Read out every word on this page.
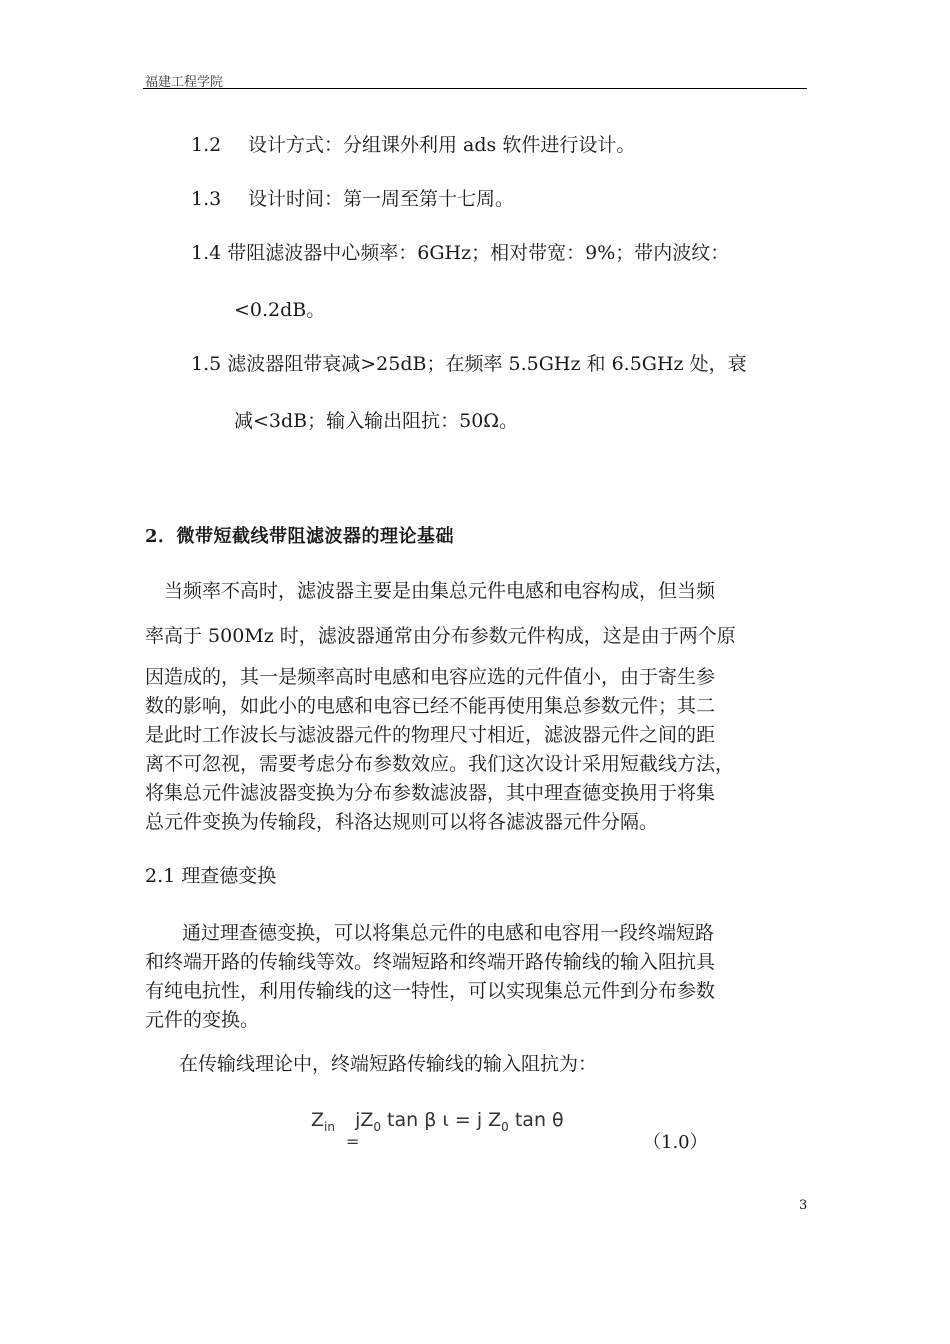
福建工程学院
1.2 设计方式：分组课外利用 ads 软件进行设计。
1.3 设计时间：第一周至第十七周。
1.4 带阻滤波器中心频率：6GHz；相对带宽：9%；带内波纹：
<0.2dB。
1.5 滤波器阻带衰减>25dB；在频率 5.5GHz 和 6.5GHz 处，衰
减<3dB；输入输出阻抗：50Ω。
2．微带短截线带阻滤波器的理论基础
当频率不高时，滤波器主要是由集总元件电感和电容构成，但当频
率高于 500Mz 时，滤波器通常由分布参数元件构成，这是由于两个原
因造成的，其一是频率高时电感和电容应选的元件值小，由于寄生参
数的影响，如此小的电感和电容已经不能再使用集总参数元件；其二
是此时工作波长与滤波器元件的物理尺寸相近，滤波器元件之间的距
离不可忽视，需要考虑分布参数效应。我们这次设计采用短截线方法，
将集总元件滤波器变换为分布参数滤波器，其中理查德变换用于将集
总元件变换为传输段，科洛达规则可以将各滤波器元件分隔。
2.1 理查德变换
通过理查德变换，可以将集总元件的电感和电容用一段终端短路
和终端开路的传输线等效。终端短路和终端开路传输线的输入阻抗具
有纯电抗性，利用传输线的这一特性，可以实现集总元件到分布参数
元件的变换。
在传输线理论中，终端短路传输线的输入阻抗为：
$Z_{in}$ $jZ_0$ tan β ι = j $Z_0$ tan θ
=	（1.0）
3
